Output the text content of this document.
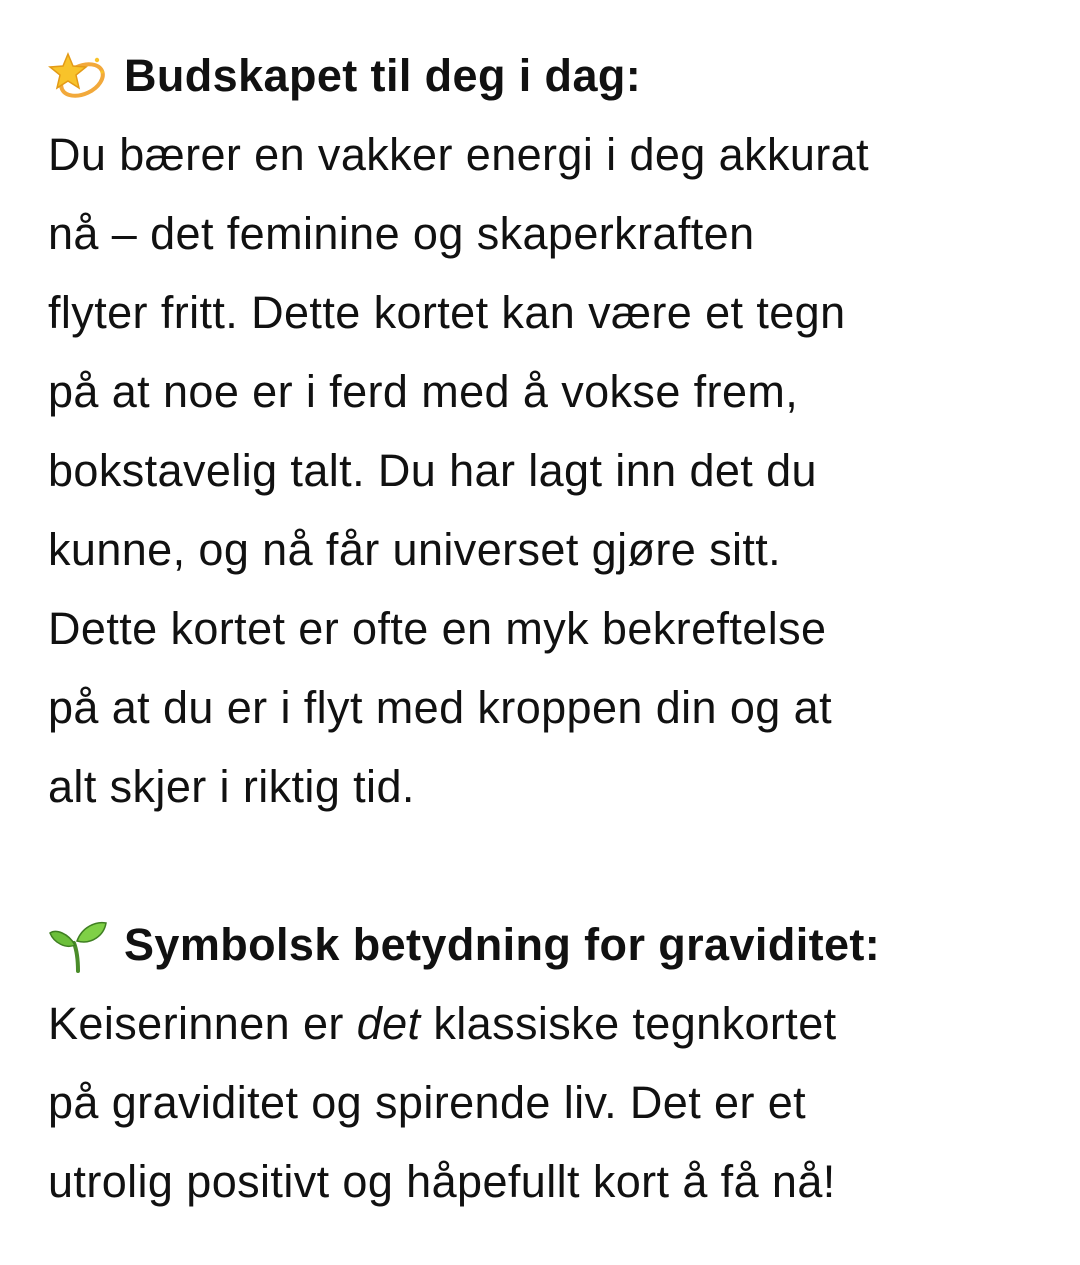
Budskapet til deg i dag:
Du bærer en vakker energi i deg akkurat
nå – det feminine og skaperkraften
flyter fritt. Dette kortet kan være et tegn
på at noe er i ferd med å vokse frem,
bokstavelig talt. Du har lagt inn det du
kunne, og nå får universet gjøre sitt.
Dette kortet er ofte en myk bekreftelse
på at du er i flyt med kroppen din og at
alt skjer i riktig tid.
Symbolsk betydning for graviditet:
Keiserinnen er det klassiske tegnkortet
på graviditet og spirende liv. Det er et
utrolig positivt og håpefullt kort å få nå!
